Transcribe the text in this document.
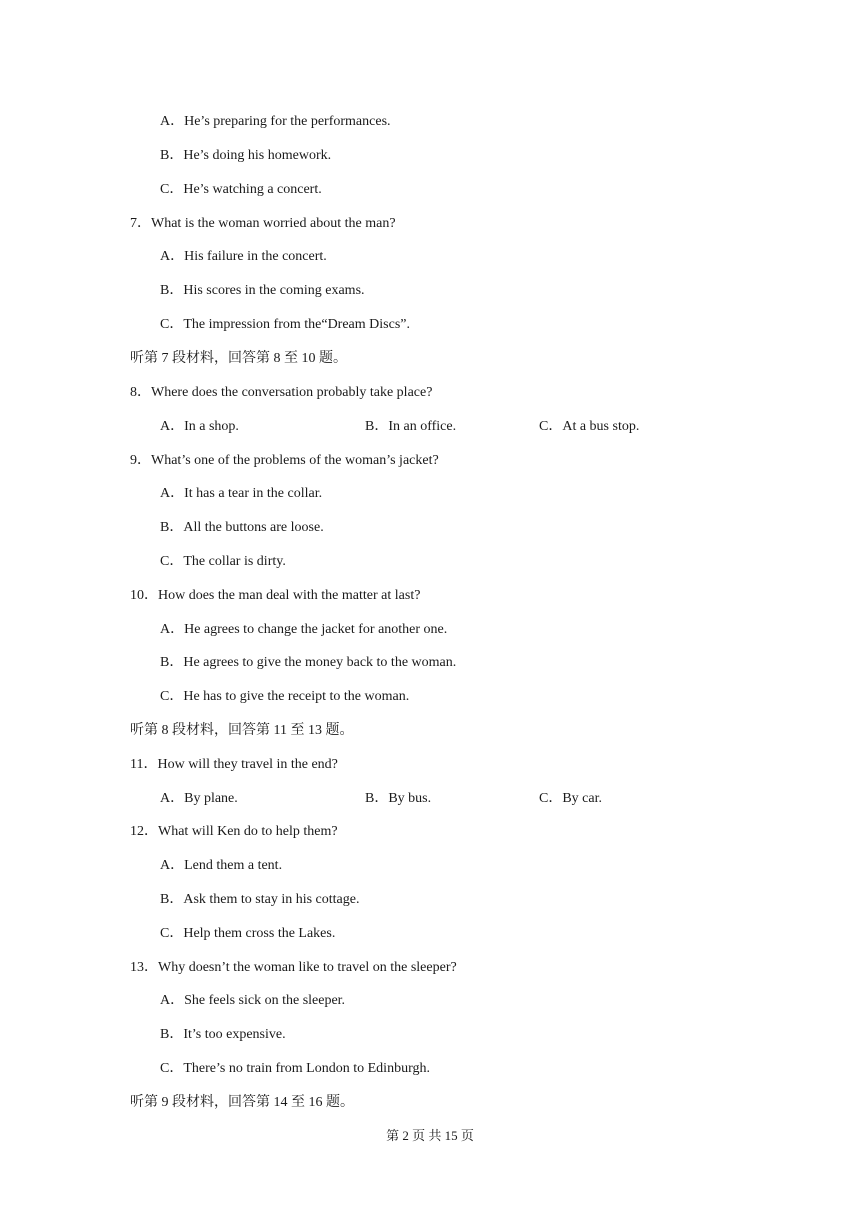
A．He’s preparing for the performances.
B．He’s doing his homework.
C．He’s watching a concert.
7．What is the woman worried about the man?
A．His failure in the concert.
B．His scores in the coming exams.
C．The impression from the“Dream Discs”.
听第 7 段材料，回答第 8 至 10 题。
8．Where does the conversation probably take place?
A．In a shop.	B．In an office.	C．At a bus stop.
9．What’s one of the problems of the woman’s jacket?
A．It has a tear in the collar.
B．All the buttons are loose.
C．The collar is dirty.
10．How does the man deal with the matter at last?
A．He agrees to change the jacket for another one.
B．He agrees to give the money back to the woman.
C．He has to give the receipt to the woman.
听第 8 段材料，回答第 11 至 13 题。
11．How will they travel in the end?
A．By plane.	B．By bus.	C．By car.
12．What will Ken do to help them?
A．Lend them a tent.
B．Ask them to stay in his cottage.
C．Help them cross the Lakes.
13．Why doesn’t the woman like to travel on the sleeper?
A．She feels sick on the sleeper.
B．It’s too expensive.
C．There’s no train from London to Edinburgh.
听第 9 段材料，回答第 14 至 16 题。
第 2 页 共 15 页
